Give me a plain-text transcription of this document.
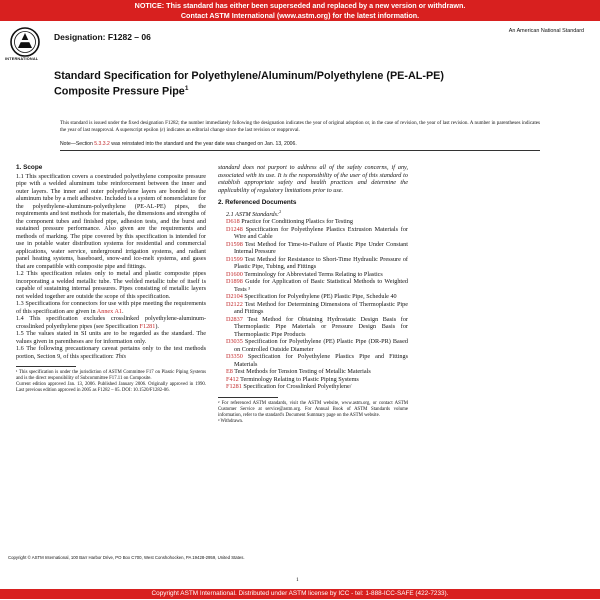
NOTICE: This standard has either been superseded and replaced by a new version or withdrawn.
Contact ASTM International (www.astm.org) for the latest information.
INTERNATIONAL
Designation: F1282 – 06
An American National Standard
Standard Specification for Polyethylene/Aluminum/Polyethylene (PE-AL-PE) Composite Pressure Pipe$^1$
This standard is issued under the fixed designation F1282; the number immediately following the designation indicates the year of original adoption or, in the case of revision, the year of last revision. A number in parentheses indicates the year of last reapproval. A superscript epsilon (ε) indicates an editorial change since the last revision or reapproval.
Note—Section 5.3.3.2 was reinstated into the standard and the year date was changed on Jan. 13, 2006.
1. Scope

1.1 This specification covers a coextruded polyethylene composite pressure pipe with a welded aluminum tube reinforcement between the inner and outer layers. The inner and outer polyethylene layers are bonded to the aluminum tube by a melt adhesive. Included is a system of nomenclature for the polyethylene-aluminum-polyethylene (PE-AL-PE) pipes, the requirements and test methods for materials, the dimensions and strengths of the component tubes and finished pipe, adhesion tests, and the burst and sustained pressure performance. Also given are the requirements and methods of marking. The pipe covered by this specification is intended for use in potable water distribution systems for residential and commercial applications, water service, underground irrigation systems, and radiant panel heating systems, baseboard, snow-and ice-melt systems, and gases that are compatible with composite pipe and fittings.

1.2 This specification relates only to metal and plastic composite pipes incorporating a welded metallic tube. The welded metallic tube of itself is capable of sustaining internal pressures. Pipes consisting of metallic layers not welded together are outside the scope of this specification.

1.3 Specifications for connectors for use with pipe meeting the requirements of this specification are given in Annex A1.

1.4 This specification excludes crosslinked polyethylene-aluminum-crosslinked polyethylene pipes (see Specification F1281).

1.5 The values stated in SI units are to be regarded as the standard. The values given in parentheses are for information only.

1.6 The following precautionary caveat pertains only to the test methods portion, Section 9, of this specification: This

¹ This specification is under the jurisdiction of ASTM Committee F17 on Plastic Piping Systems and is the direct responsibility of Subcommittee F17.11 on Composite.

Current edition approved Jan. 13, 2006. Published January 2006. Originally approved in 1990. Last previous edition approved in 2005 as F1282 – 05. DOI: 10.1520/F1282-06.

standard does not purport to address all of the safety concerns, if any, associated with its use. It is the responsibility of the user of this standard to establish appropriate safety and health practices and determine the applicability of regulatory limitations prior to use.

2. Referenced Documents

2.1 ASTM Standards:$^2$

D618 Practice for Conditioning Plastics for Testing

D1248 Specification for Polyethylene Plastics Extrusion Materials for Wire and Cable

D1598 Test Method for Time-to-Failure of Plastic Pipe Under Constant Internal Pressure

D1599 Test Method for Resistance to Short-Time Hydraulic Pressure of Plastic Pipe, Tubing, and Fittings

D1600 Terminology for Abbreviated Terms Relating to Plastics

D1898 Guide for Application of Basic Statistical Methods to Weighted Tests ³

D2104 Specification for Polyethylene (PE) Plastic Pipe, Schedule 40

D2122 Test Method for Determining Dimensions of Thermoplastic Pipe and Fittings

D2837 Test Method for Obtaining Hydrostatic Design Basis for Thermoplastic Pipe Materials or Pressure Design Basis for Thermoplastic Pipe Products

D3035 Specification for Polyethylene (PE) Plastic Pipe (DR-PR) Based on Controlled Outside Diameter

D3350 Specification for Polyethylene Plastics Pipe and Fittings Materials

E8 Test Methods for Tension Testing of Metallic Materials

F412 Terminology Relating to Plastic Piping Systems

F1281 Specification for Crosslinked Polyethylene/

² For referenced ASTM standards, visit the ASTM website, www.astm.org, or contact ASTM Customer Service at service@astm.org. For Annual Book of ASTM Standards volume information, refer to the standard's Document Summary page on the ASTM website.

³ Withdrawn.

Copyright © ASTM International, 100 Barr Harbor Drive, PO Box C700, West Conshohocken, PA 19428-2959, United States.
1
Copyright ASTM International. Distributed under ASTM license by ICC - tel: 1-888-ICC-SAFE (422-7233).
